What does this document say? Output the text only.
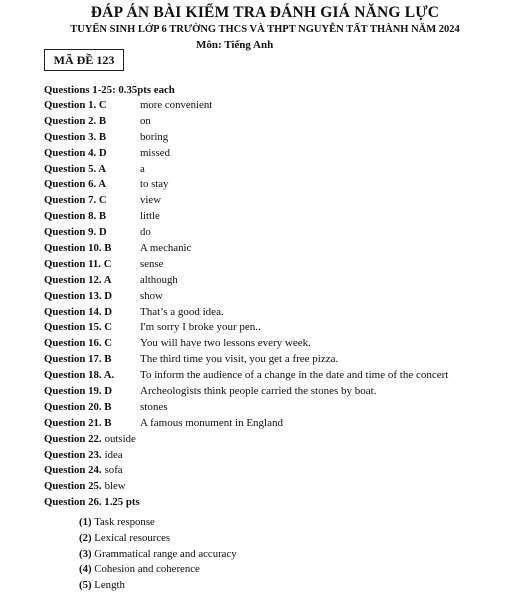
ĐÁP ÁN BÀI KIỂM TRA ĐÁNH GIÁ NĂNG LỰC
TUYỂN SINH LỚP 6 TRƯỜNG THCS VÀ THPT NGUYỄN TẤT THÀNH NĂM 2024
Môn: Tiếng Anh
MÃ ĐỀ 123
Questions 1-25: 0.35pts each
Question 1. C	more convenient
Question 2. B	on
Question 3. B	boring
Question 4. D	missed
Question 5. A	a
Question 6. A	to stay
Question 7. C	view
Question 8. B	little
Question 9. D	do
Question 10. B	A mechanic
Question 11. C	sense
Question 12. A	although
Question 13. D	show
Question 14. D	That’s a good idea.
Question 15. C	I'm sorry I broke your pen..
Question 16. C	You will have two lessons every week.
Question 17. B	The third time you visit, you get a free pizza.
Question 18. A. To inform the audience of a change in the date and time of the concert
Question 19. D	Archeologists think people carried the stones by boat.
Question 20. B	stones
Question 21. B	A famous monument in England
Question 22. outside
Question 23. idea
Question 24. sofa
Question 25. blew
Question 26. 1.25 pts
(1) Task response
(2) Lexical resources
(3) Grammatical range and accuracy
(4) Cohesion and coherence
(5) Length
